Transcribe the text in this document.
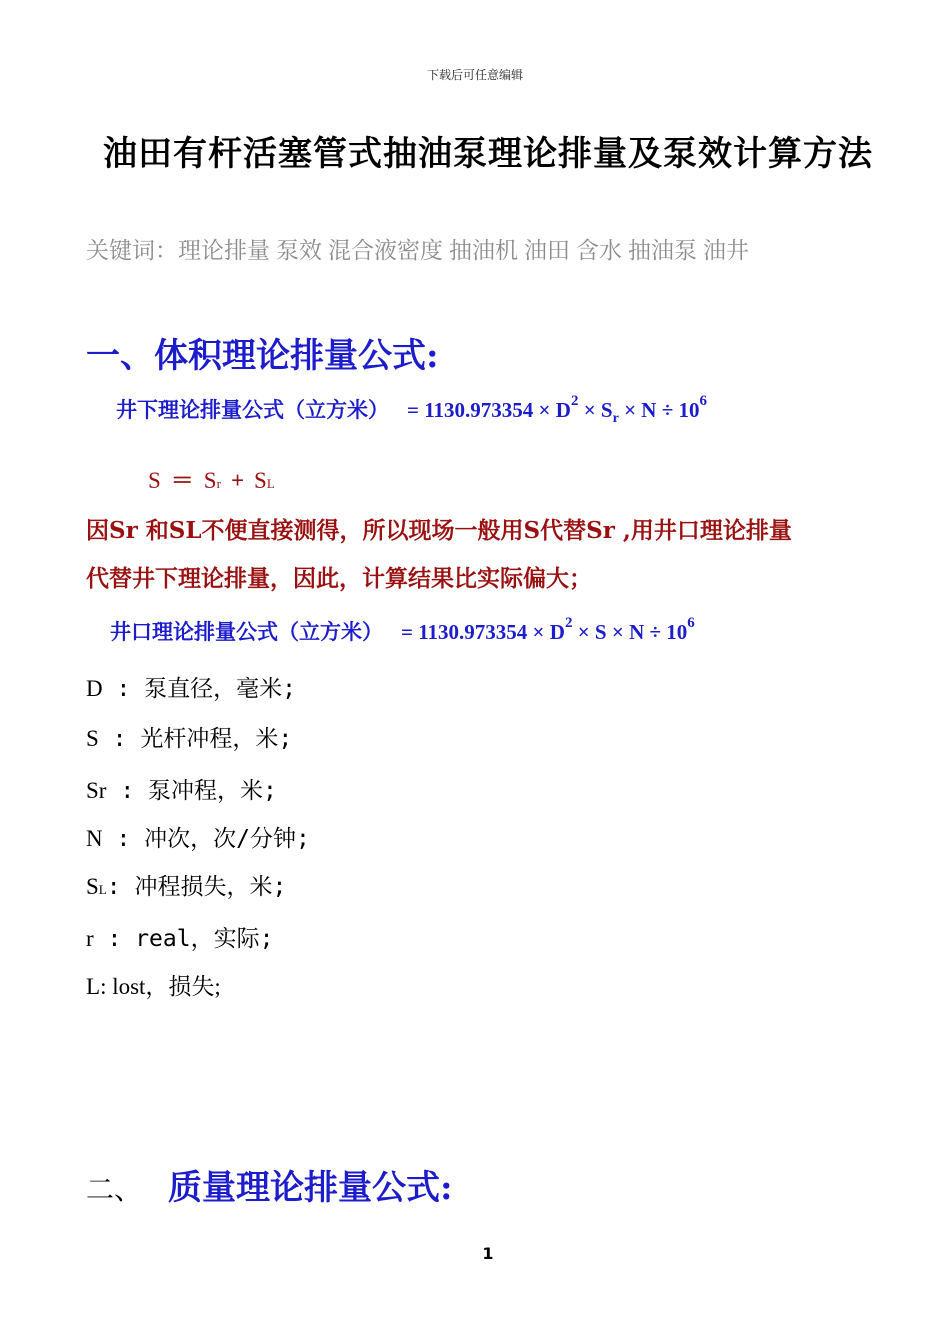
下载后可任意编辑
油田有杆活塞管式抽油泵理论排量及泵效计算方法
关键词：理论排量 泵效 混合液密度 抽油机 油田 含水 抽油泵 油井
一、体积理论排量公式:
井下理论排量公式（立方米） = $1130.973354 \times D^2 \times S_r \times N \div 10^6$
S ＝ Sr + SL
因Sr 和SL不便直接测得，所以现场一般用S代替Sr ,用井口理论排量
代替井下理论排量，因此，计算结果比实际偏大；
井口理论排量公式（立方米） = $1130.973354 \times D^2 \times S \times N \div 10^6$
D : 泵直径，毫米;
S : 光杆冲程，米;
Sr : 泵冲程，米;
N : 冲次，次/分钟;
SL: 冲程损失，米;
r : real，实际;
L: lost，损失;
二、 质量理论排量公式:
1
